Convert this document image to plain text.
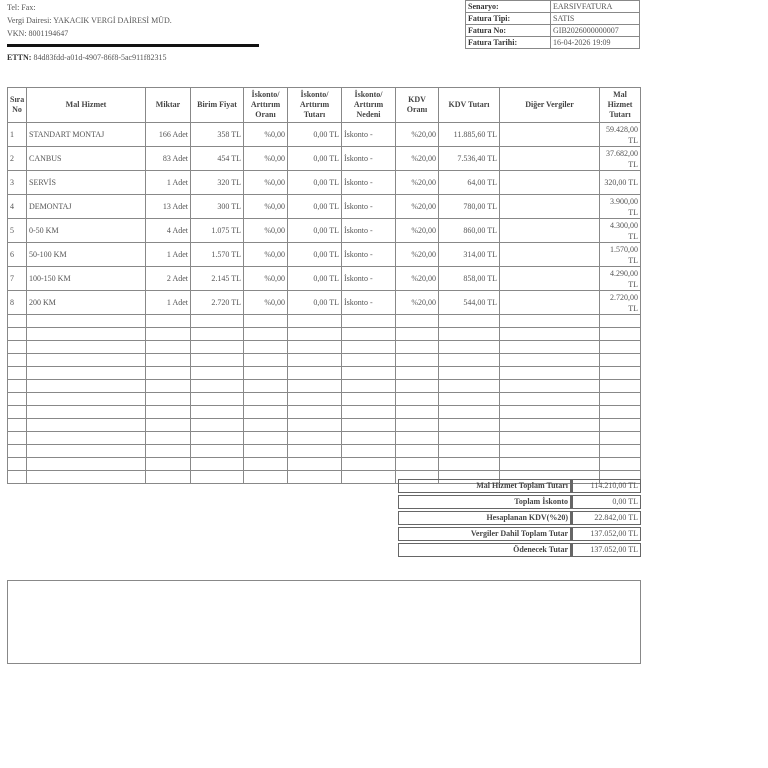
Tel: Fax:
Vergi Dairesi: YAKACIK VERGİ DAİRESİ MÜD.
VKN: 8001194647
ETTN: 84d83fdd-a01d-4907-86f8-5ac911f82315
Senaryo:	EARSIVFATURA
Fatura Tipi:	SATIS
Fatura No:	GIB2026000000007
Fatura Tarihi:	16-04-2026 19:09
Sıra No	Mal Hizmet	Miktar	Birim Fiyat	İskonto/ Arttırım Oranı	İskonto/ Arttırım Tutarı	İskonto/ Arttırım Nedeni	KDV Oranı	KDV Tutarı	Diğer Vergiler	Mal Hizmet Tutarı
1	STANDART MONTAJ	166 Adet	358 TL	%0,00	0,00 TL	İskonto -	%20,00	11.885,60 TL		59.428,00 TL
2	CANBUS	83 Adet	454 TL	%0,00	0,00 TL	İskonto -	%20,00	7.536,40 TL		37.682,00 TL
3	SERVİS	1 Adet	320 TL	%0,00	0,00 TL	İskonto -	%20,00	64,00 TL		320,00 TL
4	DEMONTAJ	13 Adet	300 TL	%0,00	0,00 TL	İskonto -	%20,00	780,00 TL		3.900,00 TL
5	0-50 KM	4 Adet	1.075 TL	%0,00	0,00 TL	İskonto -	%20,00	860,00 TL		4.300,00 TL
6	50-100 KM	1 Adet	1.570 TL	%0,00	0,00 TL	İskonto -	%20,00	314,00 TL		1.570,00 TL
7	100-150 KM	2 Adet	2.145 TL	%0,00	0,00 TL	İskonto -	%20,00	858,00 TL		4.290,00 TL
8	200 KM	1 Adet	2.720 TL	%0,00	0,00 TL	İskonto -	%20,00	544,00 TL		2.720,00 TL

Mal Hizmet Toplam Tutarı	114.210,00 TL
Toplam İskonto	0,00 TL
Hesaplanan KDV(%20)	22.842,00 TL
Vergiler Dahil Toplam Tutar	137.052,00 TL
Ödenecek Tutar	137.052,00 TL
